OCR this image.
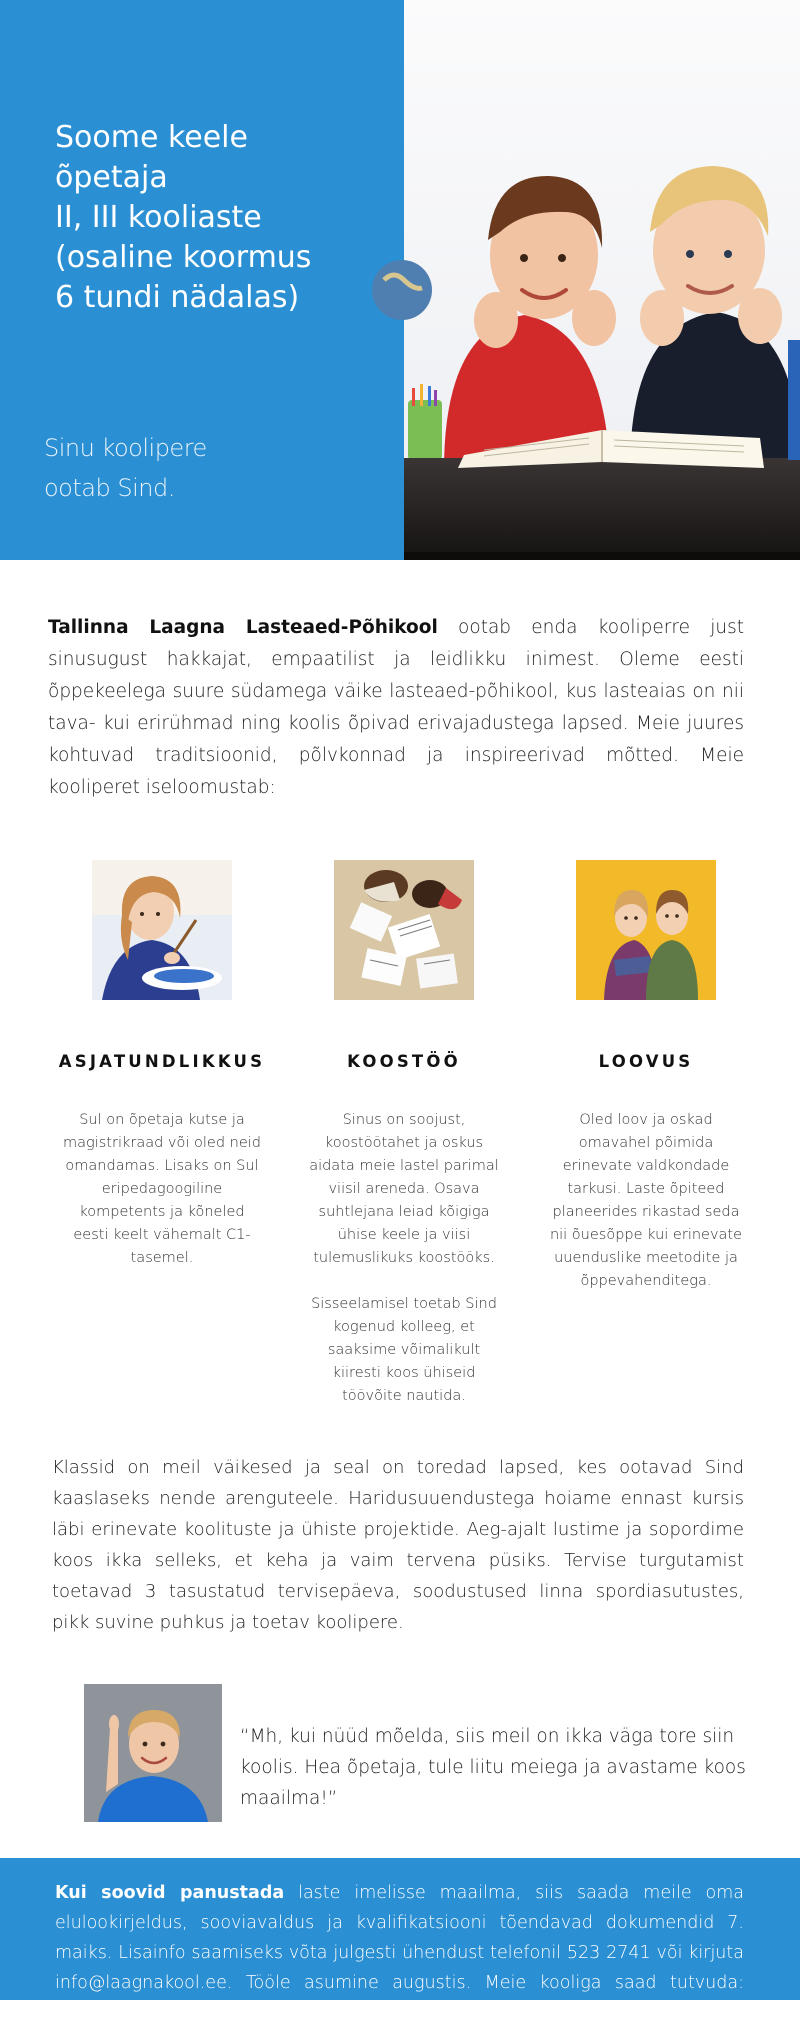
Soome keele
õpetaja
II, III kooliaste
(osaline koormus
6 tundi nädalas)
Sinu koolipere
ootab Sind.
Tallinna Laagna Lasteaed-Põhikool ootab enda kooliperre just sinusugust hakkajat, empaatilist ja leidlikku inimest. Oleme eesti õppekeelega suure südamega väike lasteaed-põhikool, kus lasteaias on nii tava- kui erirühmad ning koolis õpivad erivajadustega lapsed. Meie juures kohtuvad traditsioonid, põlvkonnad ja inspireerivad mõtted. Meie kooliperet iseloomustab:
ASJATUNDLIKKUS

Sul on õpetaja kutse ja magistrikraad või oled neid omandamas. Lisaks on Sul eripedagoogiline kompetents ja kõneled eesti keelt vähemalt C1-tasemel.

KOOSTÖÖ

Sinus on soojust, koostöötahet ja oskus aidata meie lastel parimal viisil areneda. Osava suhtlejana leiad kõigiga ühise keele ja viisi tulemuslikuks koostööks.

Sisseelamisel toetab Sind kogenud kolleeg, et saaksime võimalikult kiiresti koos ühiseid töövõite nautida.

LOOVUS

Oled loov ja oskad omavahel põimida erinevate valdkondade tarkusi. Laste õpiteed planeerides rikastad seda nii õuesõppe kui erinevate uuenduslike meetodite ja õppevahenditega.

Klassid on meil väikesed ja seal on toredad lapsed, kes ootavad Sind kaaslaseks nende arenguteele. Haridusuuendustega hoiame ennast kursis läbi erinevate koolituste ja ühiste projektide. Aeg-ajalt lustime ja sopordime koos ikka selleks, et keha ja vaim tervena püsiks. Tervise turgutamist toetavad 3 tasustatud tervisepäeva, soodustused linna spordiasutustes, pikk suvine puhkus ja toetav koolipere.
“Mh, kui nüüd mõelda, siis meil on ikka väga tore siin koolis. Hea õpetaja, tule liitu meiega ja avastame koos maailma!”
Kui soovid panustada laste imelisse maailma, siis saada meile oma elulookirjeldus, sooviavaldus ja kvalifikatsiooni tõendavad dokumendid 7. maiks. Lisainfo saamiseks võta julgesti ühendust telefonil 523 2741 või kirjuta info@laagnakool.ee. Tööle asumine augustis. Meie kooliga saad tutvuda: www.laagnakool.ee.
